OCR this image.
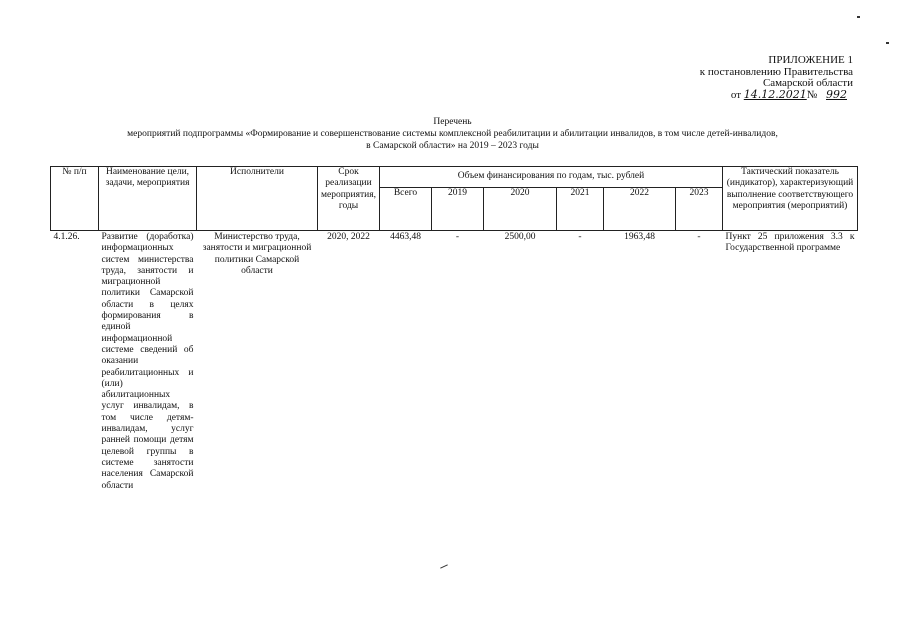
ПРИЛОЖЕНИЕ 1
к постановлению Правительства
Самарской области
от 14.12.2021№ 992
Перечень
мероприятий подпрограммы «Формирование и совершенствование системы комплексной реабилитации и абилитации инвалидов, в том числе детей-инвалидов,
в Самарской области» на 2019 – 2023 годы
№ п/п	Наименование цели, задачи, мероприятия	Исполнители	Срок реализации мероприятия, годы	Объем финансирования по годам, тыс. рублей						Тактический показатель (индикатор), характеризующий выполнение соответствующего мероприятия (мероприятий)
				Всего	2019	2020	2021	2022	2023	
4.1.26.	Развитие (доработка) информационных систем министерства труда, занятости и миграционной политики Самарской области в целях формирования в единой информационной системе сведений об оказании реабилитационных и (или) абилитационных услуг инвалидам, в том числе детям-инвалидам, услуг ранней помощи детям целевой группы в системе занятости населения Самарской области	Министерство труда, занятости и миграционной политики Самарской области	2020, 2022	4463,48	-	2500,00	-	1963,48	-	Пункт 25 приложения 3.3 к Государственной программе
